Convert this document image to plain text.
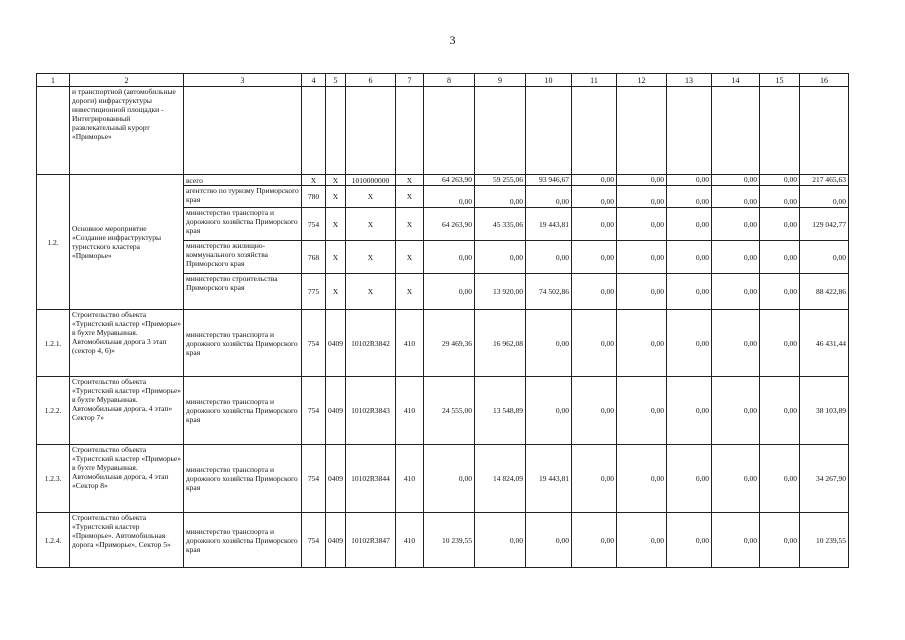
3
1	2	3	4	5	6	7	8	9	10	11	12	13	14	15	16
	и транспортной (автомобильные дороги) инфраструктуры инвестиционной площадки - Интегрированный развлекательный курорт «Приморье»														
1.2.	Основное мероприятие «Создание инфраструктуры туристского кластера «Приморье»	всего	Х	Х	1010000000	Х	64 263,90	59 255,06	93 946,67	0,00	0,00	0,00	0,00	0,00	217 465,63
		агентство по туризму Приморского края	780	Х	Х	Х	0,00	0,00	0,00	0,00	0,00	0,00	0,00	0,00	0,00
		министерство транспорта и дорожного хозяйства Приморского края	754	Х	Х	Х	64 263,90	45 335,06	19 443,81	0,00	0,00	0,00	0,00	0,00	129 042,77
		министерство жилищно-коммунального хозяйства Приморского края	768	Х	Х	Х	0,00	0,00	0,00	0,00	0,00	0,00	0,00	0,00	0,00
		министерство строительства Приморского края	775	Х	Х	Х	0,00	13 920,00	74 502,86	0,00	0,00	0,00	0,00	0,00	88 422,86
1.2.1.	Строительство объекта «Туристский кластер «Приморье» в бухте Муравьиная. Автомобильная дорога 3 этап (сектор 4, 6)»	министерство транспорта и дорожного хозяйства Приморского края	754	0409	10102R3842	410	29 469,36	16 962,08	0,00	0,00	0,00	0,00	0,00	0,00	46 431,44
1.2.2.	Строительство объекта «Туристский кластер «Приморье» в бухте Муравьиная. Автомобильная дорога, 4 этап» Сектор 7»	министерство транспорта и дорожного хозяйства Приморского края	754	0409	10102R3843	410	24 555,00	13 548,89	0,00	0,00	0,00	0,00	0,00	0,00	38 103,89
1.2.3.	Строительство объекта «Туристский кластер «Приморье» в бухте Муравьиная. Автомобильная дорога, 4 этап «Сектор 8»	министерство транспорта и дорожного хозяйства Приморского края	754	0409	10102R3844	410	0,00	14 824,09	19 443,81	0,00	0,00	0,00	0,00	0,00	34 267,90
1.2.4.	Строительство объекта «Туристский кластер «Приморье». Автомобильная дорога «Приморье», Сектор 5»	министерство транспорта и дорожного хозяйства Приморского края	754	0409	10102R3847	410	10 239,55	0,00	0,00	0,00	0,00	0,00	0,00	0,00	10 239,55
